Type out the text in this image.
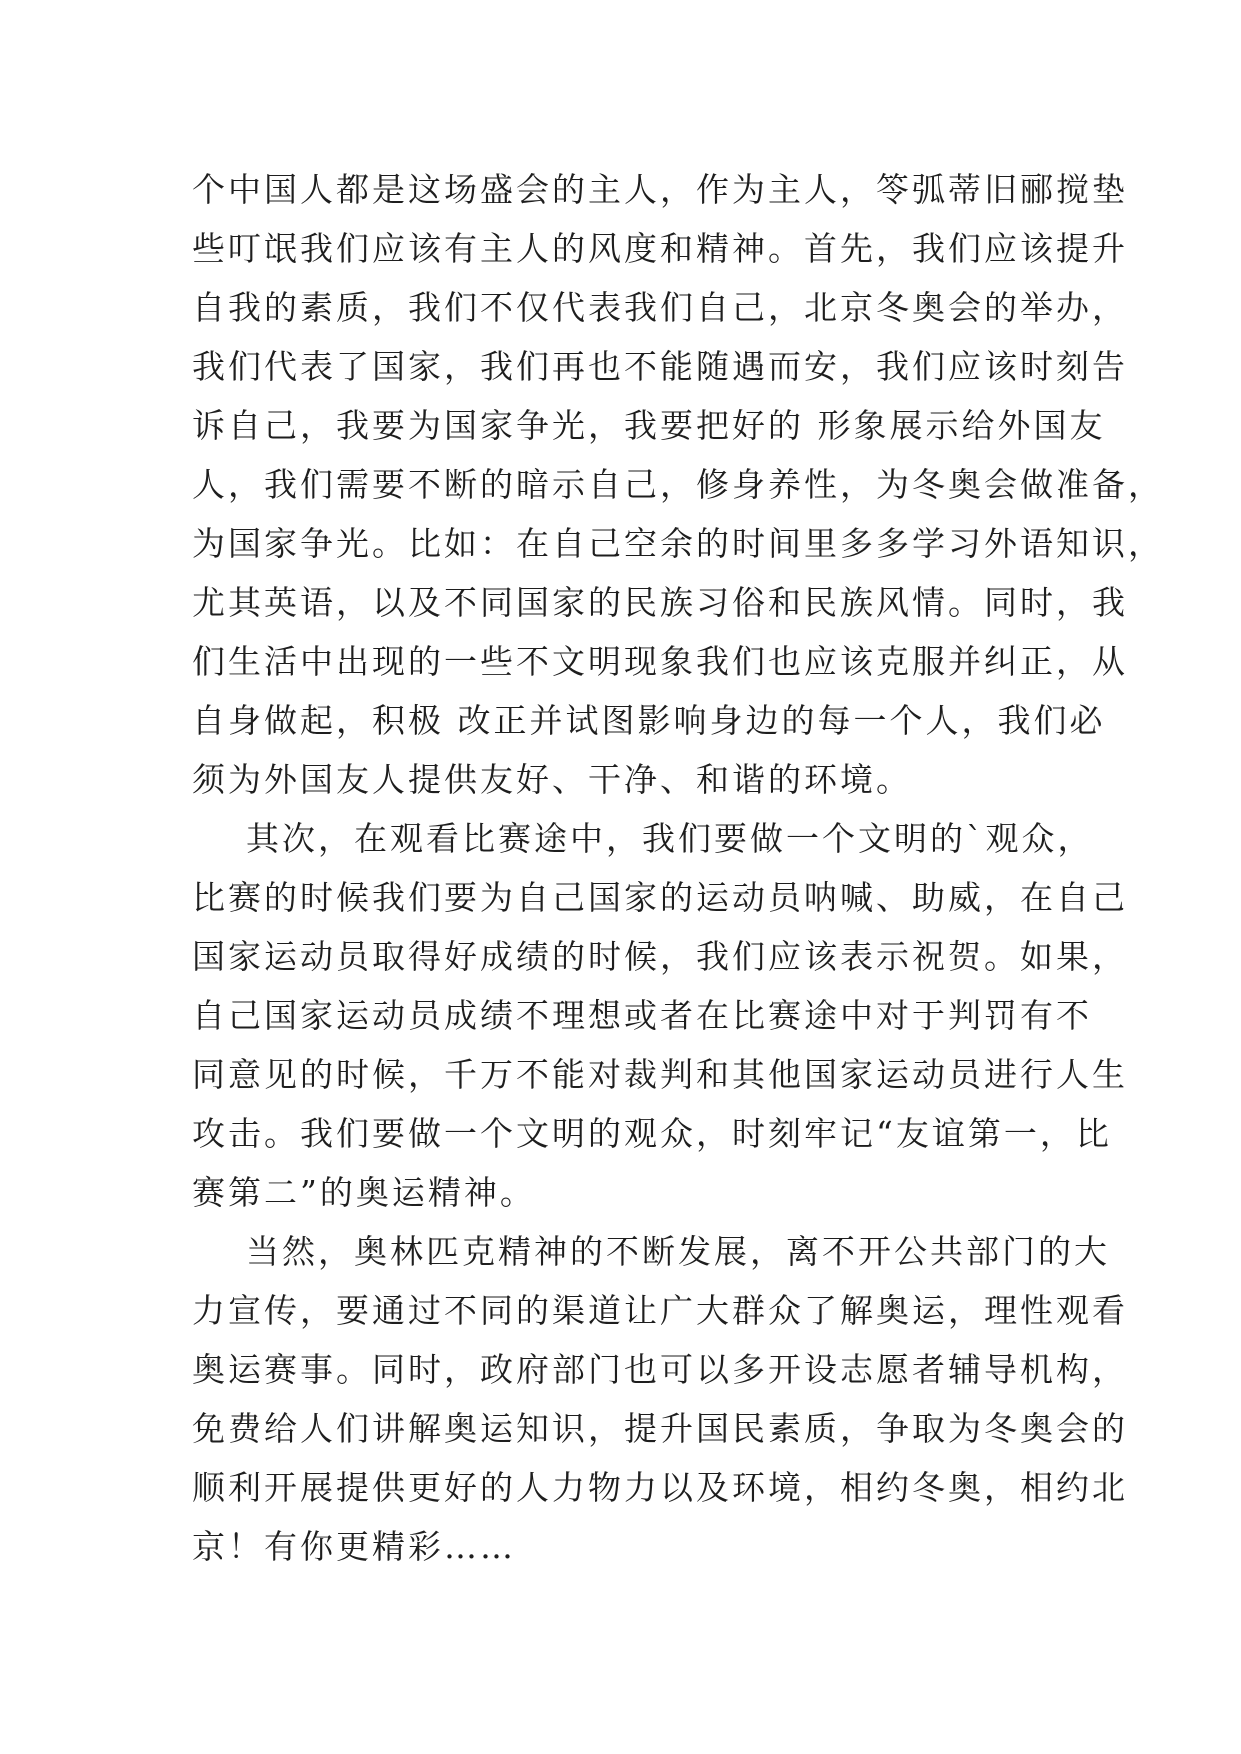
个中国人都是这场盛会的主人，作为主人，笭弧蒂旧郦搅垫
些叮氓我们应该有主人的风度和精神。首先，我们应该提升
自我的素质，我们不仅代表我们自己，北京冬奥会的举办，
我们代表了国家，我们再也不能随遇而安，我们应该时刻告
诉自己，我要为国家争光，我要把好的 形象展示给外国友
人，我们需要不断的暗示自己，修身养性，为冬奥会做准备，
为国家争光。比如：在自己空余的时间里多多学习外语知识，
尤其英语，以及不同国家的民族习俗和民族风情。同时，我
们生活中出现的一些不文明现象我们也应该克服并纠正，从
自身做起，积极 改正并试图影响身边的每一个人，我们必
须为外国友人提供友好、干净、和谐的环境。
其次，在观看比赛途中，我们要做一个文明的`观众，
比赛的时候我们要为自己国家的运动员呐喊、助威，在自己
国家运动员取得好成绩的时候，我们应该表示祝贺。如果，
自己国家运动员成绩不理想或者在比赛途中对于判罚有不
同意见的时候，千万不能对裁判和其他国家运动员进行人生
攻击。我们要做一个文明的观众，时刻牢记“友谊第一，比
赛第二”的奥运精神。
当然，奥林匹克精神的不断发展，离不开公共部门的大
力宣传，要通过不同的渠道让广大群众了解奥运，理性观看
奥运赛事。同时，政府部门也可以多开设志愿者辅导机构，
免费给人们讲解奥运知识，提升国民素质，争取为冬奥会的
顺利开展提供更好的人力物力以及环境，相约冬奥，相约北
京！有你更精彩……
